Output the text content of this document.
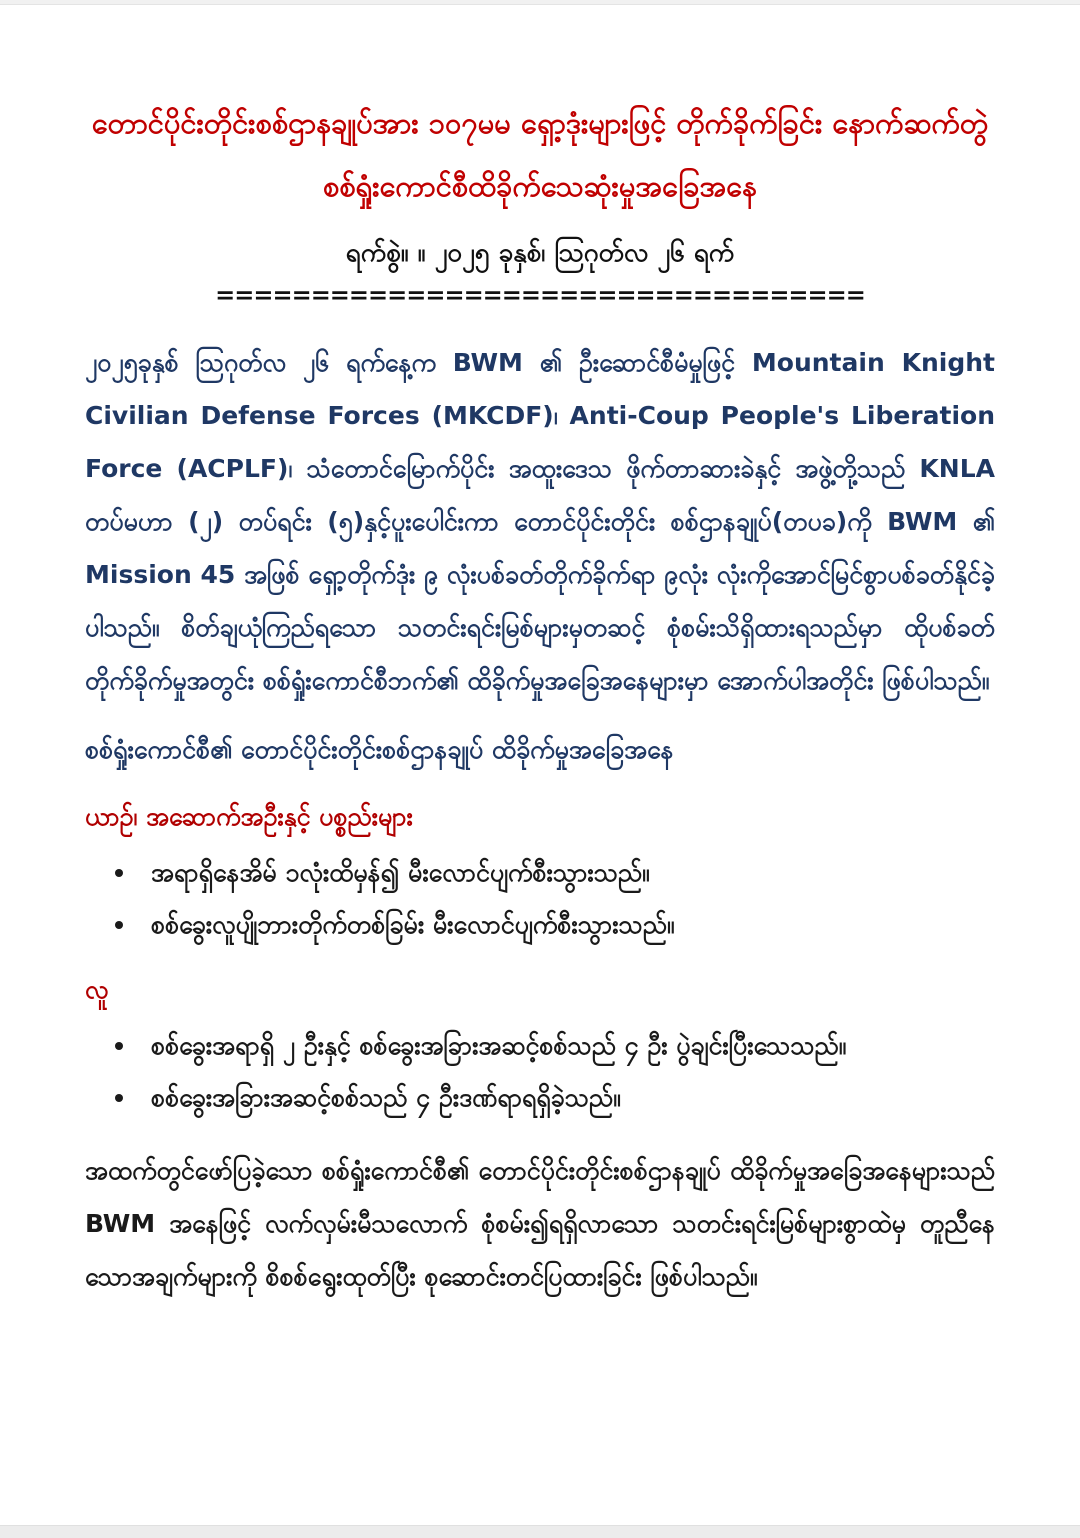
တောင်ပိုင်းတိုင်းစစ်ဌာနချုပ်အား ၁၀၇မမ ရှော့ဒုံးများဖြင့် တိုက်ခိုက်ခြင်း နောက်ဆက်တွဲ
စစ်ရှုံးကောင်စီထိခိုက်သေဆုံးမှုအခြေအနေ
ရက်စွဲ။ ။ ၂၀၂၅ ခုနှစ်၊ ဩဂုတ်လ ၂၆ ရက်
==================================

၂၀၂၅ခုနှစ် ဩဂုတ်လ ၂၆ ရက်နေ့က BWM ၏ ဦးဆောင်စီမံမှုဖြင့် Mountain Knight Civilian Defense Forces (MKCDF)၊ Anti-Coup People's Liberation Force (ACPLF)၊ သံတောင်မြောက်ပိုင်း အထူးဒေသ ဖိုက်တာဆားခဲနှင့် အဖွဲ့တို့သည် KNLA တပ်မဟာ (၂) တပ်ရင်း (၅)နှင့်ပူးပေါင်းကာ တောင်ပိုင်းတိုင်း စစ်ဌာနချုပ်(တပခ)ကို BWM ၏ Mission 45 အဖြစ် ရှော့တိုက်ဒုံး ၉ လုံးပစ်ခတ်တိုက်ခိုက်ရာ ၉လုံး လုံးကိုအောင်မြင်စွာပစ်ခတ်နိုင်ခဲ့ပါသည်။ စိတ်ချယုံကြည်ရသော သတင်းရင်းမြစ်များမှတဆင့် စုံစမ်းသိရှိထားရသည်မှာ ထိုပစ်ခတ်တိုက်ခိုက်မှုအတွင်း စစ်ရှုံးကောင်စီဘက်၏ ထိခိုက်မှုအခြေအနေများမှာ အောက်ပါအတိုင်း ဖြစ်ပါသည်။

စစ်ရှုံးကောင်စီ၏ တောင်ပိုင်းတိုင်းစစ်ဌာနချုပ် ထိခိုက်မှုအခြေအနေ
ယာဉ်၊ အဆောက်အဦးနှင့် ပစ္စည်းများ
အရာရှိနေအိမ် ၁လုံးထိမှန်၍ မီးလောင်ပျက်စီးသွားသည်။
စစ်ခွေးလူပျိုဘားတိုက်တစ်ခြမ်း မီးလောင်ပျက်စီးသွားသည်။
လူ
စစ်ခွေးအရာရှိ ၂ ဦးနှင့် စစ်ခွေးအခြားအဆင့်စစ်သည် ၄ ဦး ပွဲချင်းပြီးသေသည်။
စစ်ခွေးအခြားအဆင့်စစ်သည် ၄ ဦးဒဏ်ရာရရှိခဲ့သည်။

အထက်တွင်ဖော်ပြခဲ့သော စစ်ရှုံးကောင်စီ၏ တောင်ပိုင်းတိုင်းစစ်ဌာနချုပ် ထိခိုက်မှုအခြေအနေများသည် BWM အနေဖြင့် လက်လှမ်းမီသလောက် စုံစမ်း၍ရရှိလာသော သတင်းရင်းမြစ်များစွာထဲမှ တူညီနေသောအချက်များကို စိစစ်ရွေးထုတ်ပြီး စုဆောင်းတင်ပြထားခြင်း ဖြစ်ပါသည်။
